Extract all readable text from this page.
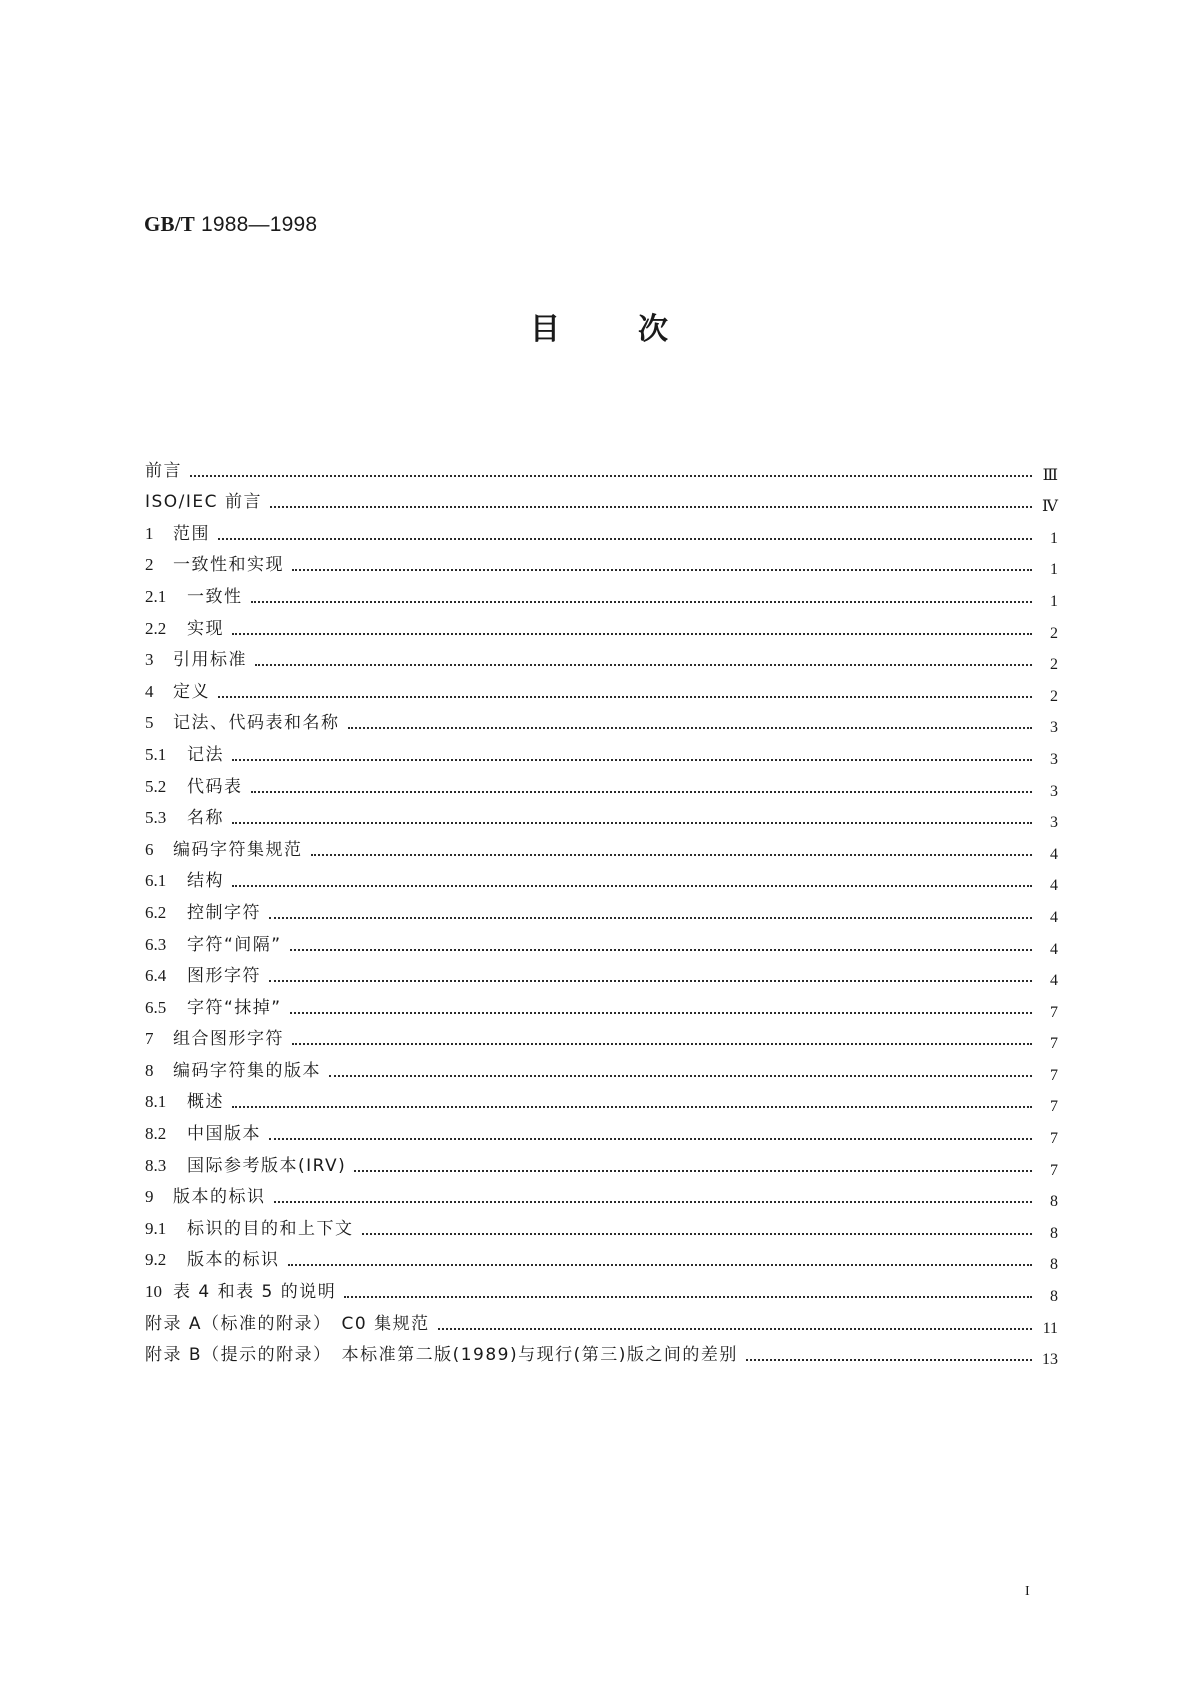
GB/T 1988—1998
目	次
前言	Ⅲ
ISO/IEC 前言	Ⅳ
1	范围	1
2	一致性和实现	1
2.1	一致性	1
2.2	实现	2
3	引用标准	2
4	定义	2
5	记法、代码表和名称	3
5.1	记法	3
5.2	代码表	3
5.3	名称	3
6	编码字符集规范	4
6.1	结构	4
6.2	控制字符	4
6.3	字符“间隔”	4
6.4	图形字符	4
6.5	字符“抹掉”	7
7	组合图形字符	7
8	编码字符集的版本	7
8.1	概述	7
8.2	中国版本	7
8.3	国际参考版本(IRV)	7
9	版本的标识	8
9.1	标识的目的和上下文	8
9.2	版本的标识	8
10 表 4 和表 5 的说明	8
附录 A（标准的附录）　C0 集规范	11
附录 B（提示的附录）　本标准第二版(1989)与现行(第三)版之间的差别	13
I
